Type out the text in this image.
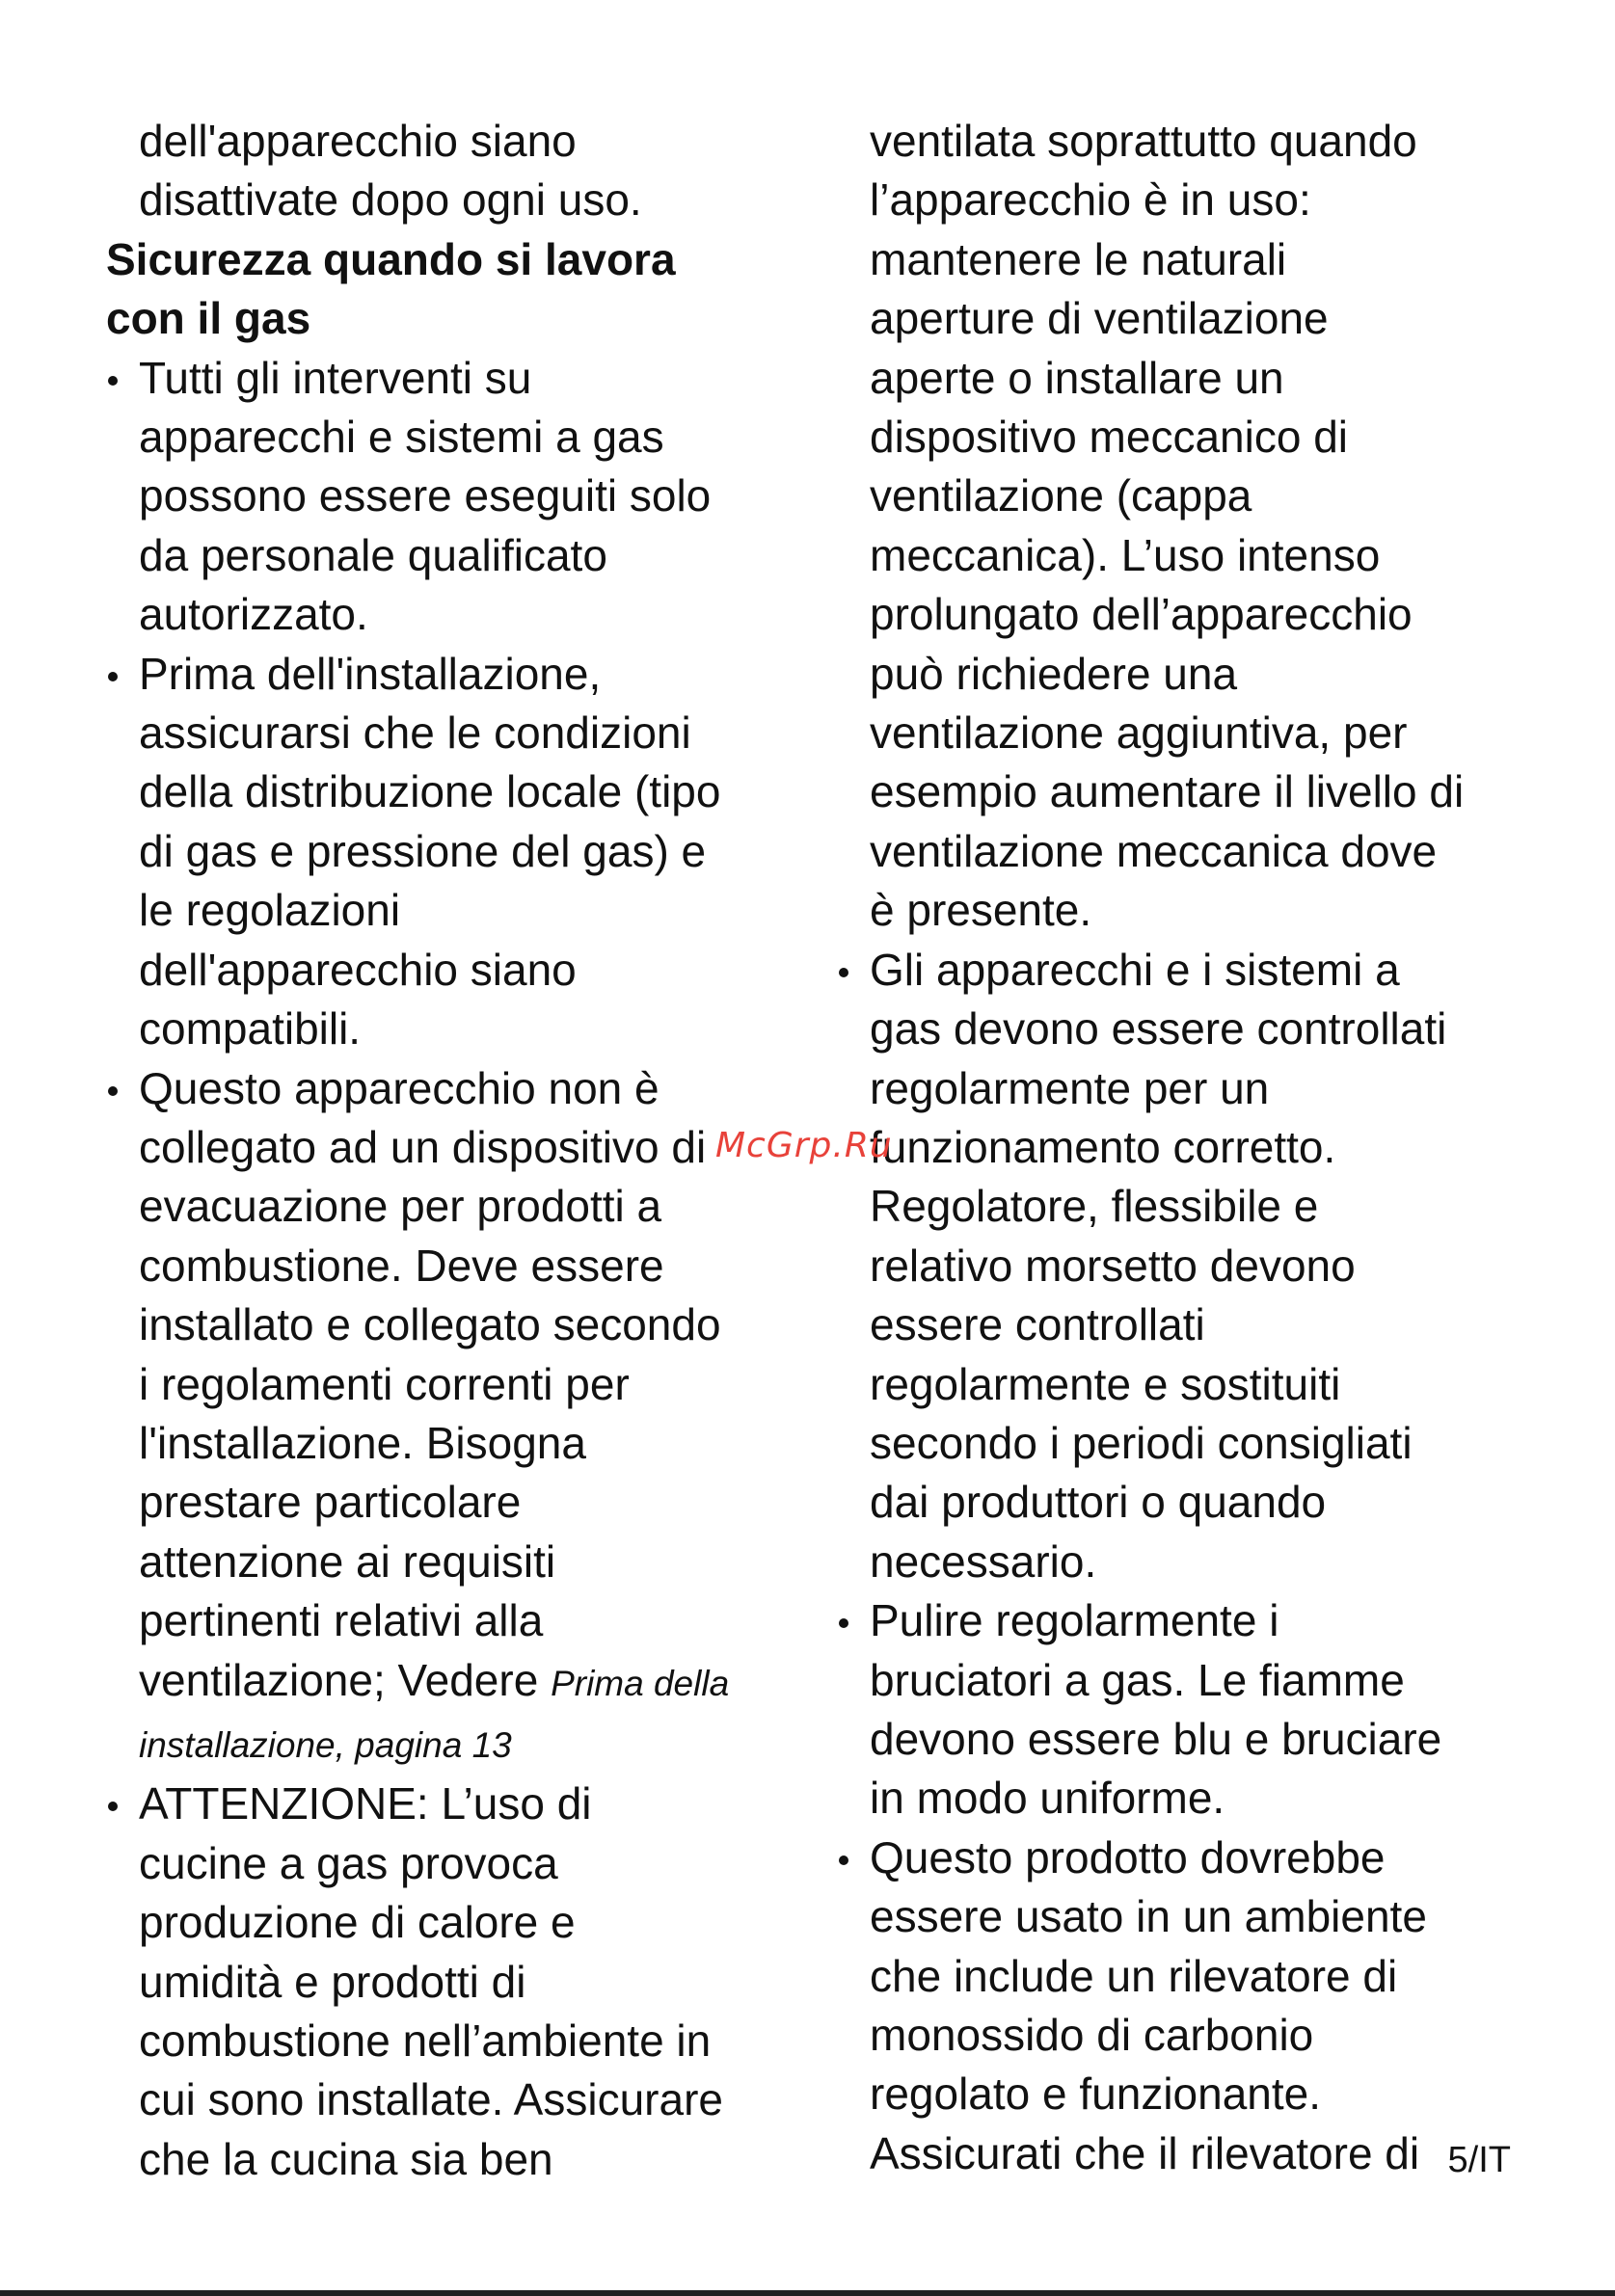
dell'apparecchio siano
disattivate dopo ogni uso.

Sicurezza quando si lavora
con il gas
Tutti gli interventi su
apparecchi e sistemi a gas
possono essere eseguiti solo
da personale qualificato
autorizzato.
Prima dell'installazione,
assicurarsi che le condizioni
della distribuzione locale (tipo
di gas e pressione del gas) e
le regolazioni
dell'apparecchio siano
compatibili.
Questo apparecchio non è
collegato ad un dispositivo di
evacuazione per prodotti a
combustione. Deve essere
installato e collegato secondo
i regolamenti correnti per
l'installazione. Bisogna
prestare particolare
attenzione ai requisiti
pertinenti relativi alla
ventilazione; Vedere Prima della
installazione, pagina 13
ATTENZIONE: L’uso di
cucine a gas provoca
produzione di calore e
umidità e prodotti di
combustione nell’ambiente in
cui sono installate. Assicurare
che la cucina sia ben

ventilata soprattutto quando
l’apparecchio è in uso:
mantenere le naturali
aperture di ventilazione
aperte o installare un
dispositivo meccanico di
ventilazione (cappa
meccanica). L’uso intenso
prolungato dell’apparecchio
può richiedere una
ventilazione aggiuntiva, per
esempio aumentare il livello di
ventilazione meccanica dove
è presente.

Gli apparecchi e i sistemi a
gas devono essere controllati
regolarmente per un
funzionamento corretto.
Regolatore, flessibile e
relativo morsetto devono
essere controllati
regolarmente e sostituiti
secondo i periodi consigliati
dai produttori o quando
necessario.
Pulire regolarmente i
bruciatori a gas. Le fiamme
devono essere blu e bruciare
in modo uniforme.
Questo prodotto dovrebbe
essere usato in un ambiente
che include un rilevatore di
monossido di carbonio
regolato e funzionante.
Assicurati che il rilevatore di
McGrp.Ru
5/IT
